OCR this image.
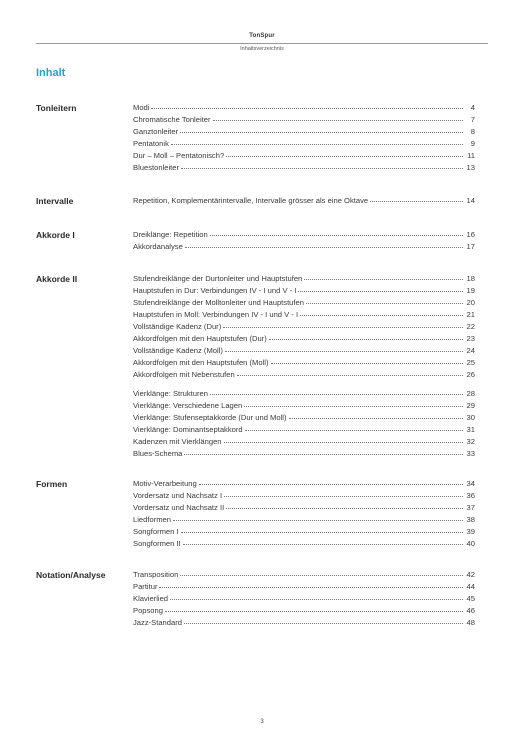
TonSpur
Inhaltsverzeichnis
Inhalt
Tonleitern	Modi	4
Chromatische Tonleiter	7
Ganztonleiter	8
Pentatonik	9
Dur – Moll – Pentatonisch?	11
Bluestonleiter	13
Intervalle	Repetition, Komplementärintervalle, Intervalle grösser als eine Oktave	14
Akkorde I	Dreiklänge: Repetition	16
Akkordanalyse	17
Akkorde II	Stufendreiklänge der Durtonleiter und Hauptstufen	18
Hauptstufen in Dur: Verbindungen IV - I und V - I	19
Stufendreiklänge der Molltonleiter und Hauptstufen	20
Hauptstufen in Moll: Verbindungen IV - I und V - I	21
Vollständige Kadenz (Dur)	22
Akkordfolgen mit den Hauptstufen (Dur)	23
Vollständige Kadenz (Moll)	24
Akkordfolgen mit den Hauptstufen (Moll)	25
Akkordfolgen mit Nebenstufen	26
Vierklänge: Strukturen	28
Vierklänge: Verschiedene Lagen	29
Vierklänge: Stufenseptakkorde (Dur und Moll)	30
Vierklänge: Dominantseptakkord	31
Kadenzen mit Vierklängen	32
Blues-Schema	33
Formen	Motiv-Verarbeitung	34
Vordersatz und Nachsatz I	36
Vordersatz und Nachsatz II	37
Liedformen	38
Songformen I	39
Songformen II	40
Notation/Analyse	Transposition	42
Partitur	44
Klavierlied	45
Popsong	46
Jazz-Standard	48
3
